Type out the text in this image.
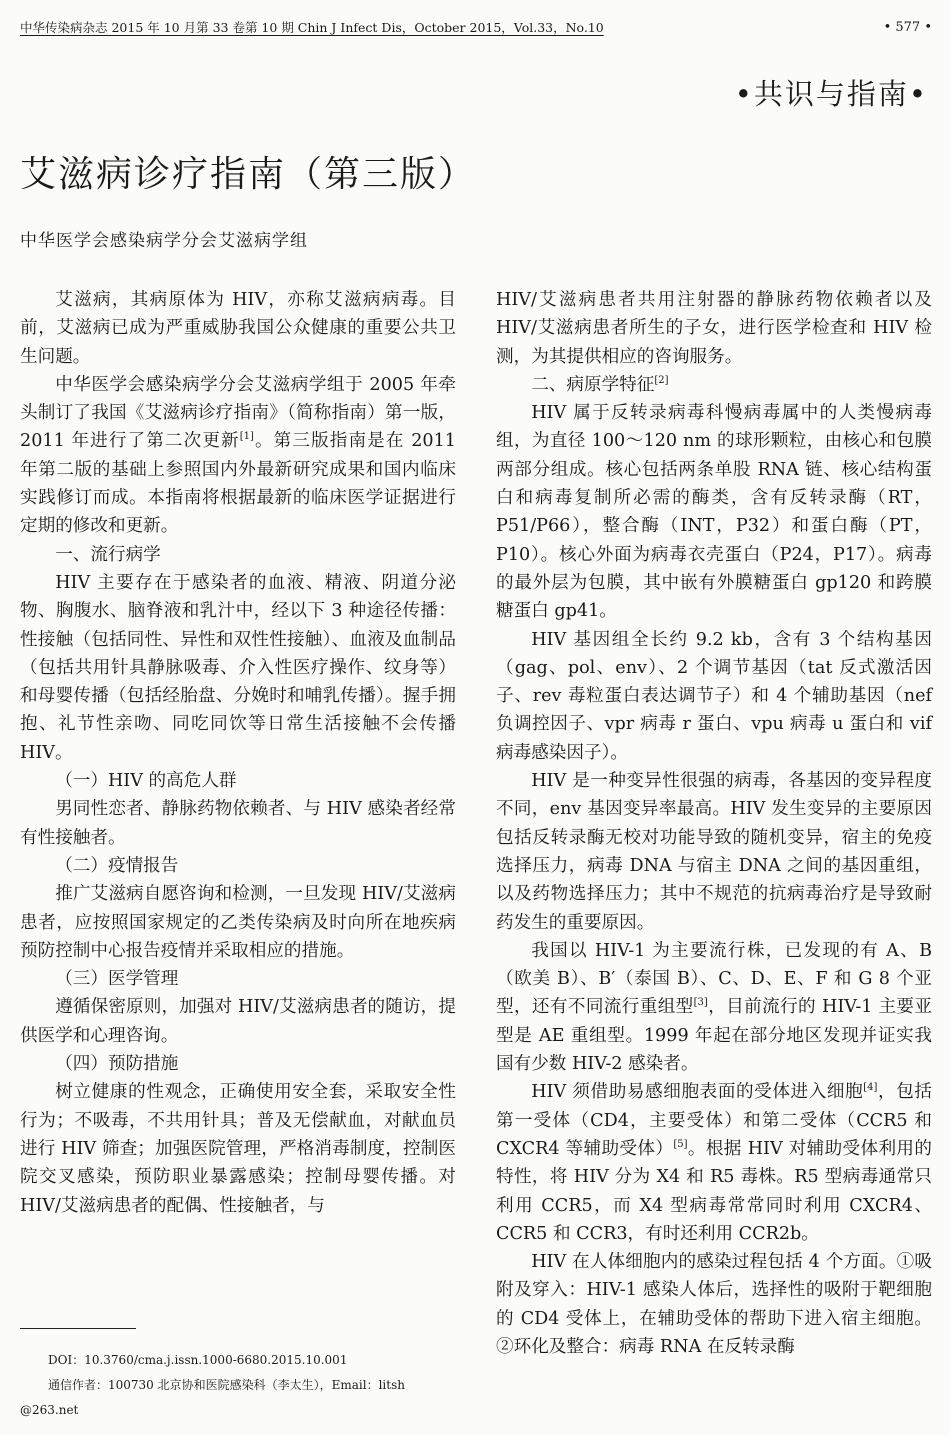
中华传染病杂志 2015 年 10 月第 33 卷第 10 期 Chin J Infect Dis，October 2015，Vol.33，No.10	• 577 •
•共识与指南•
艾滋病诊疗指南（第三版）
中华医学会感染病学分会艾滋病学组

艾滋病，其病原体为 HIV，亦称艾滋病病毒。目前，艾滋病已成为严重威胁我国公众健康的重要公共卫生问题。

中华医学会感染病学分会艾滋病学组于 2005 年牵头制订了我国《艾滋病诊疗指南》（简称指南）第一版，2011 年进行了第二次更新[1]。第三版指南是在 2011 年第二版的基础上参照国内外最新研究成果和国内临床实践修订而成。本指南将根据最新的临床医学证据进行定期的修改和更新。

一、流行病学

HIV 主要存在于感染者的血液、精液、阴道分泌物、胸腹水、脑脊液和乳汁中，经以下 3 种途径传播：性接触（包括同性、异性和双性性接触）、血液及血制品（包括共用针具静脉吸毒、介入性医疗操作、纹身等）和母婴传播（包括经胎盘、分娩时和哺乳传播）。握手拥抱、礼节性亲吻、同吃同饮等日常生活接触不会传播 HIV。

（一）HIV 的高危人群

男同性恋者、静脉药物依赖者、与 HIV 感染者经常有性接触者。

（二）疫情报告

推广艾滋病自愿咨询和检测，一旦发现 HIV/艾滋病患者，应按照国家规定的乙类传染病及时向所在地疾病预防控制中心报告疫情并采取相应的措施。

（三）医学管理

遵循保密原则，加强对 HIV/艾滋病患者的随访，提供医学和心理咨询。

（四）预防措施

树立健康的性观念，正确使用安全套，采取安全性行为；不吸毒，不共用针具；普及无偿献血，对献血员进行 HIV 筛查；加强医院管理，严格消毒制度，控制医院交叉感染，预防职业暴露感染；控制母婴传播。对 HIV/艾滋病患者的配偶、性接触者，与

HIV/艾滋病患者共用注射器的静脉药物依赖者以及 HIV/艾滋病患者所生的子女，进行医学检查和 HIV 检测，为其提供相应的咨询服务。

二、病原学特征[2]

HIV 属于反转录病毒科慢病毒属中的人类慢病毒组，为直径 100～120 nm 的球形颗粒，由核心和包膜两部分组成。核心包括两条单股 RNA 链、核心结构蛋白和病毒复制所必需的酶类，含有反转录酶（RT，P51/P66），整合酶（INT，P32）和蛋白酶（PT，P10）。核心外面为病毒衣壳蛋白（P24，P17）。病毒的最外层为包膜，其中嵌有外膜糖蛋白 gp120 和跨膜糖蛋白 gp41。

HIV 基因组全长约 9.2 kb，含有 3 个结构基因（gag、pol、env）、2 个调节基因（tat 反式激活因子、rev 毒粒蛋白表达调节子）和 4 个辅助基因（nef 负调控因子、vpr 病毒 r 蛋白、vpu 病毒 u 蛋白和 vif 病毒感染因子）。

HIV 是一种变异性很强的病毒，各基因的变异程度不同，env 基因变异率最高。HIV 发生变异的主要原因包括反转录酶无校对功能导致的随机变异，宿主的免疫选择压力，病毒 DNA 与宿主 DNA 之间的基因重组，以及药物选择压力；其中不规范的抗病毒治疗是导致耐药发生的重要原因。

我国以 HIV-1 为主要流行株，已发现的有 A、B（欧美 B）、B′（泰国 B）、C、D、E、F 和 G 8 个亚型，还有不同流行重组型[3]，目前流行的 HIV-1 主要亚型是 AE 重组型。1999 年起在部分地区发现并证实我国有少数 HIV-2 感染者。

HIV 须借助易感细胞表面的受体进入细胞[4]，包括第一受体（CD4，主要受体）和第二受体（CCR5 和 CXCR4 等辅助受体）[5]。根据 HIV 对辅助受体利用的特性，将 HIV 分为 X4 和 R5 毒株。R5 型病毒通常只利用 CCR5，而 X4 型病毒常常同时利用 CXCR4、CCR5 和 CCR3，有时还利用 CCR2b。

HIV 在人体细胞内的感染过程包括 4 个方面。①吸附及穿入：HIV-1 感染人体后，选择性的吸附于靶细胞的 CD4 受体上，在辅助受体的帮助下进入宿主细胞。②环化及整合：病毒 RNA 在反转录酶

DOI：10.3760/cma.j.issn.1000-6680.2015.10.001
通信作者：100730 北京协和医院感染科（李太生），Email：litsh
@263.net
